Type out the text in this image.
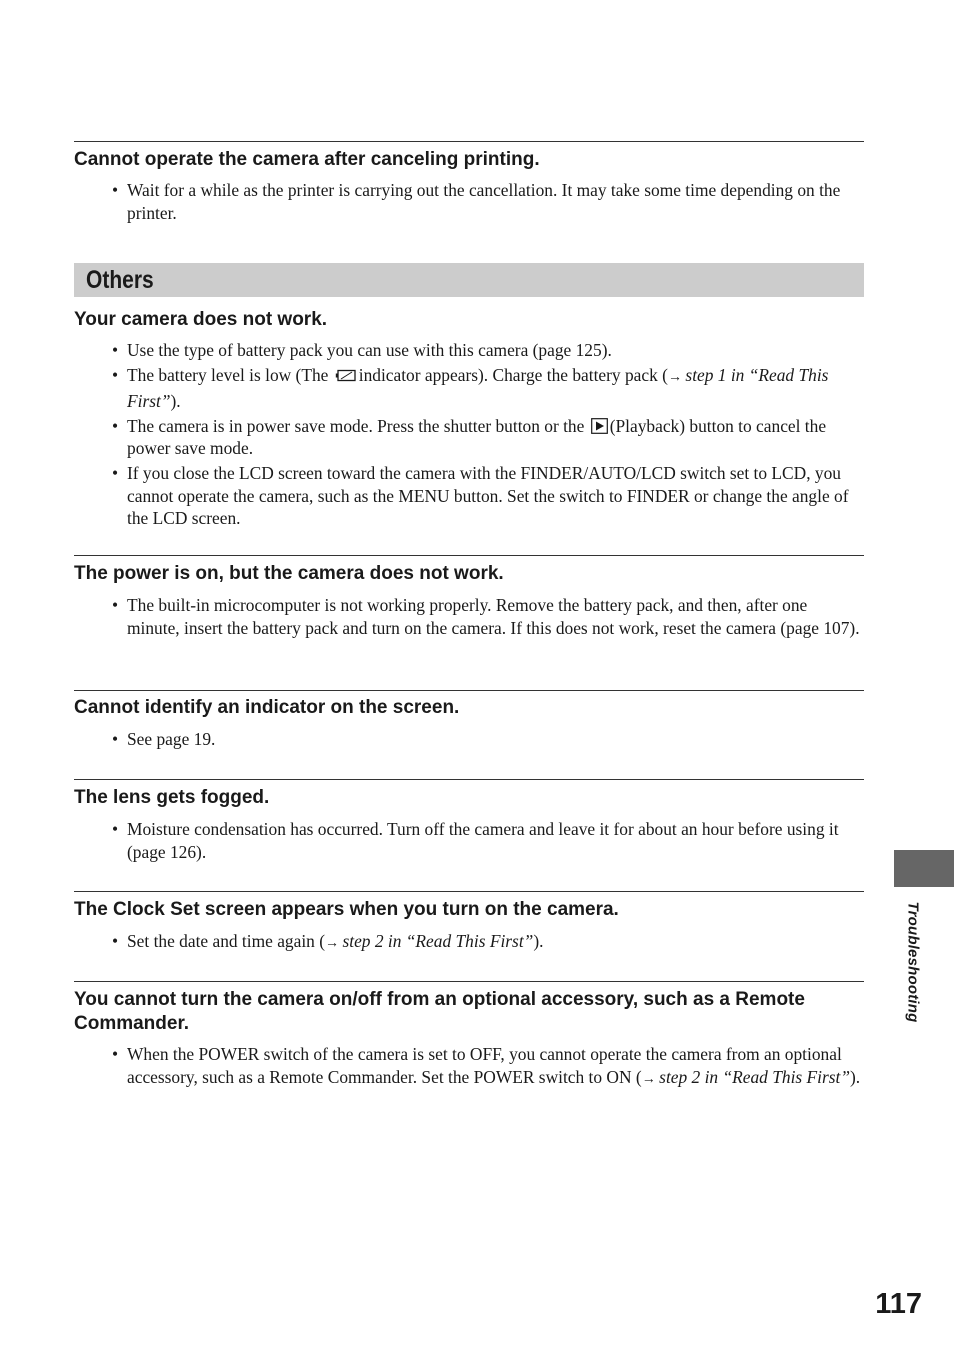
Cannot operate the camera after canceling printing.
• Wait for a while as the printer is carrying out the cancellation. It may take some time depending on the printer.
Others
Your camera does not work.
• Use the type of battery pack you can use with this camera (page 125).
• The battery level is low (The indicator appears). Charge the battery pack (→  step 1 in “Read This First”).
• The camera is in power save mode. Press the shutter button or the (Playback) button to cancel the power save mode.
• If you close the LCD screen toward the camera with the FINDER/AUTO/LCD switch set to LCD, you cannot operate the camera, such as the MENU button. Set the switch to FINDER or change the angle of the LCD screen.
The power is on, but the camera does not work.
• The built-in microcomputer is not working properly. Remove the battery pack, and then, after one minute, insert the battery pack and turn on the camera. If this does not work, reset the camera (page 107).
Cannot identify an indicator on the screen.
• See page 19.
The lens gets fogged.
• Moisture condensation has occurred. Turn off the camera and leave it for about an hour before using it (page 126).
The Clock Set screen appears when you turn on the camera.
• Set the date and time again (→  step 2 in “Read This First”).
You cannot turn the camera on/off from an optional accessory, such as a Remote Commander.
• When the POWER switch of the camera is set to OFF, you cannot operate the camera from an optional accessory, such as a Remote Commander. Set the POWER switch to ON (→  step 2 in “Read This First”).
Troubleshooting
117
